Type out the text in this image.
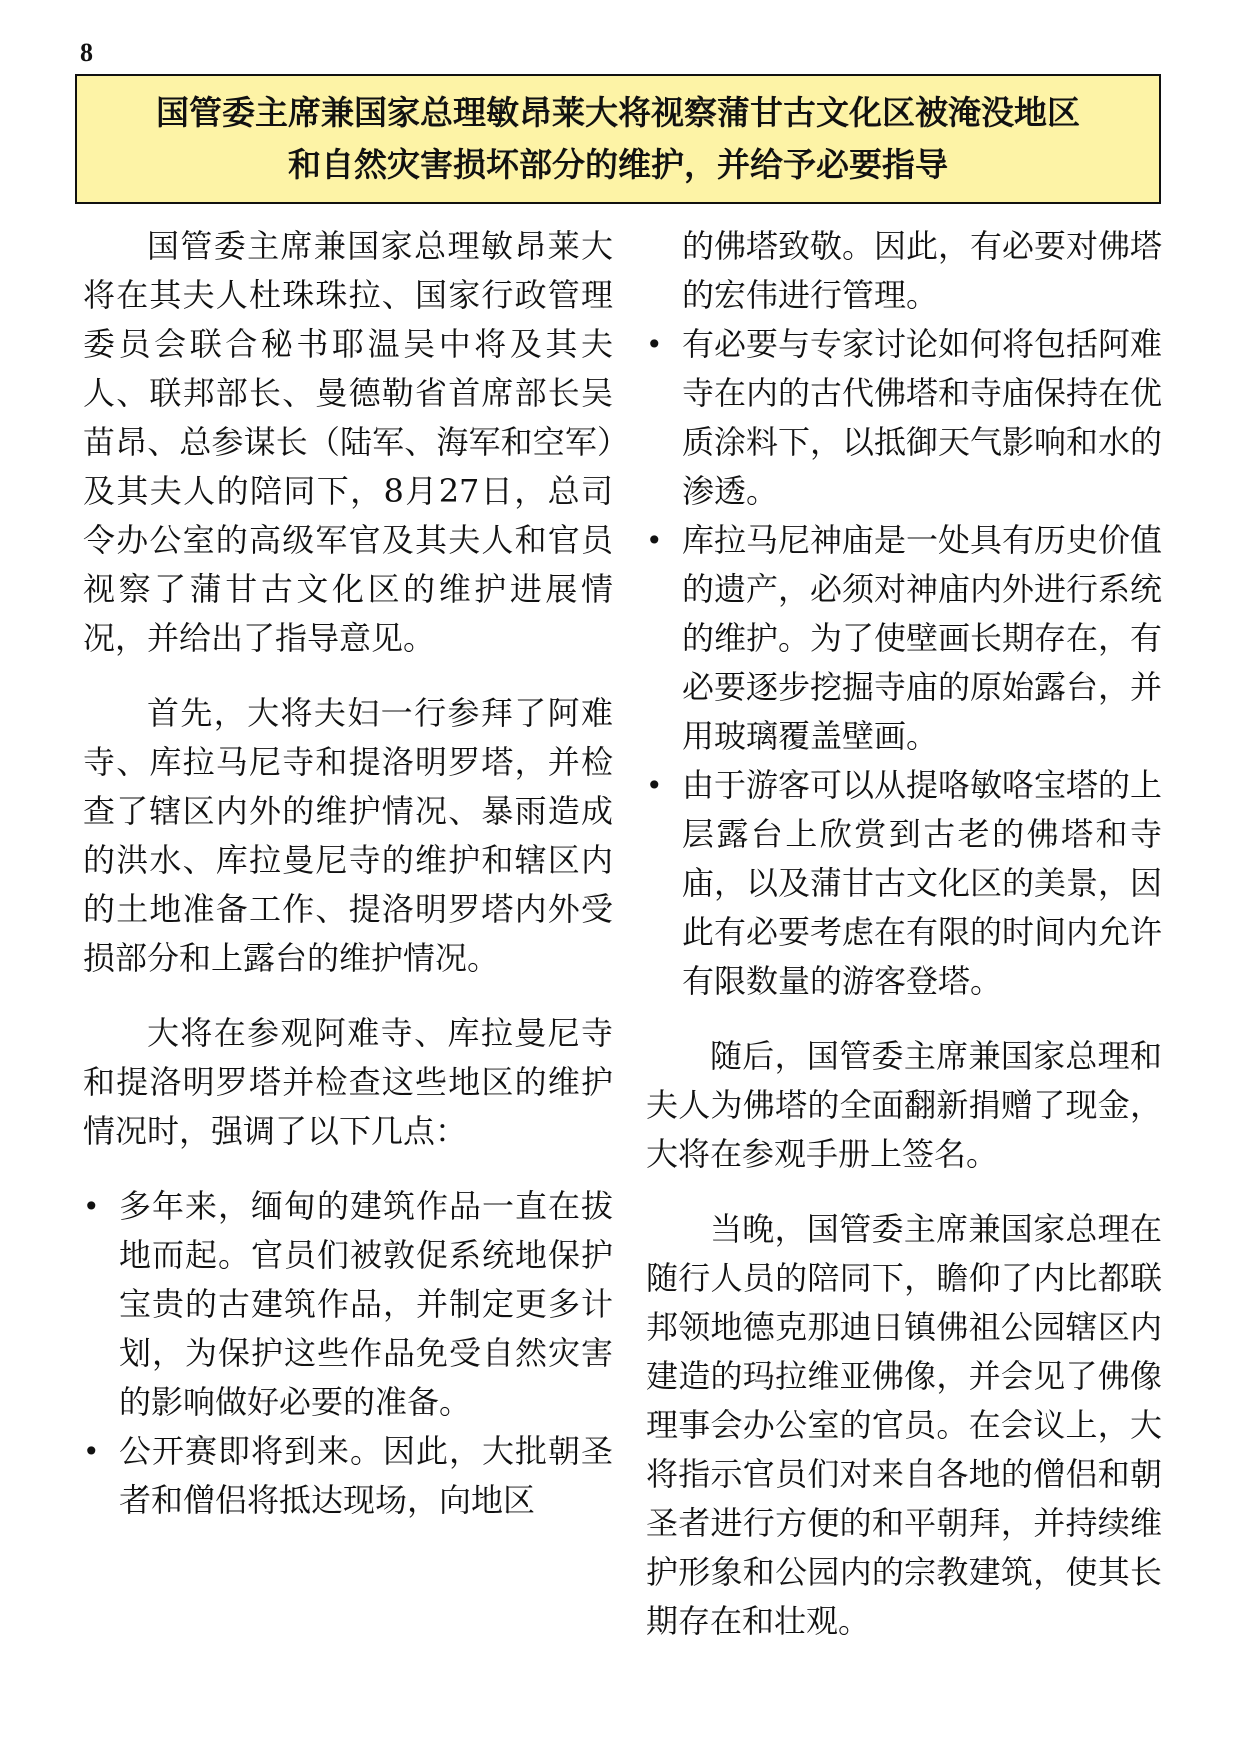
8
国管委主席兼国家总理敏昂莱大将视察蒲甘古文化区被淹没地区
和自然灾害损坏部分的维护，并给予必要指导

国管委主席兼国家总理敏昂莱大将在其夫人杜珠珠拉、国家行政管理委员会联合秘书耶温吴中将及其夫人、联邦部长、曼德勒省首席部长吴苗昂、总参谋长（陆军、海军和空军）及其夫人的陪同下，8月27日，总司令办公室的高级军官及其夫人和官员视察了蒲甘古文化区的维护进展情况，并给出了指导意见。

首先，大将夫妇一行参拜了阿难寺、库拉马尼寺和提洛明罗塔，并检查了辖区内外的维护情况、暴雨造成的洪水、库拉曼尼寺的维护和辖区内的土地准备工作、提洛明罗塔内外受损部分和上露台的维护情况。

大将在参观阿难寺、库拉曼尼寺和提洛明罗塔并检查这些地区的维护情况时，强调了以下几点：

• 多年来，缅甸的建筑作品一直在拔地而起。官员们被敦促系统地保护宝贵的古建筑作品，并制定更多计划，为保护这些作品免受自然灾害的影响做好必要的准备。
• 公开赛即将到来。因此，大批朝圣者和僧侣将抵达现场，向地区
的佛塔致敬。因此，有必要对佛塔的宏伟进行管理。
• 有必要与专家讨论如何将包括阿难寺在内的古代佛塔和寺庙保持在优质涂料下，以抵御天气影响和水的渗透。
• 库拉马尼神庙是一处具有历史价值的遗产，必须对神庙内外进行系统的维护。为了使壁画长期存在，有必要逐步挖掘寺庙的原始露台，并用玻璃覆盖壁画。
• 由于游客可以从提咯敏咯宝塔的上层露台上欣赏到古老的佛塔和寺庙，以及蒲甘古文化区的美景，因此有必要考虑在有限的时间内允许有限数量的游客登塔。

随后，国管委主席兼国家总理和夫人为佛塔的全面翻新捐赠了现金，大将在参观手册上签名。

当晚，国管委主席兼国家总理在随行人员的陪同下，瞻仰了内比都联邦领地德克那迪日镇佛祖公园辖区内建造的玛拉维亚佛像，并会见了佛像理事会办公室的官员。在会议上，大将指示官员们对来自各地的僧侣和朝圣者进行方便的和平朝拜，并持续维护形象和公园内的宗教建筑，使其长期存在和壮观。
